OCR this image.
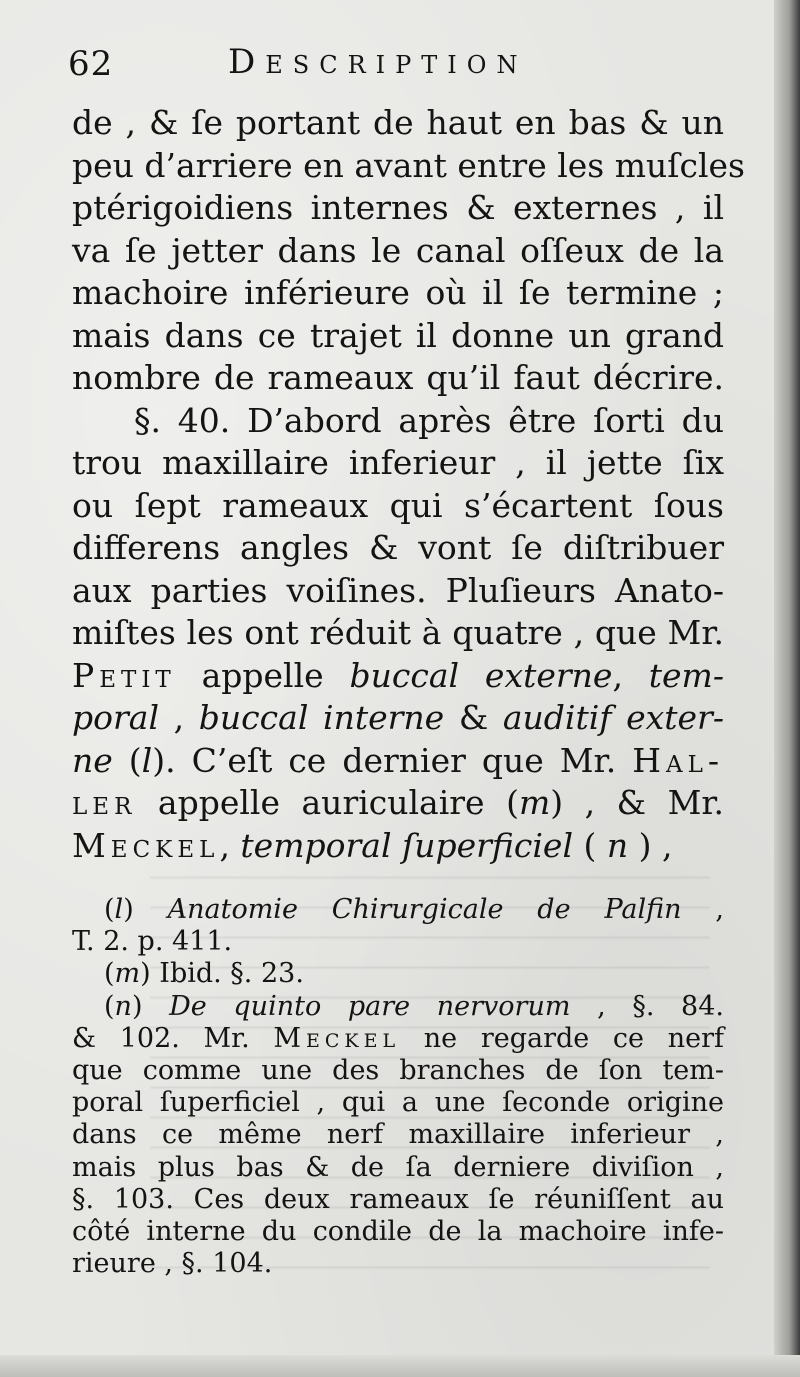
62	Description
de , & ſe portant de haut en bas & un
peu d’arriere en avant entre les muſcles
ptérigoidiens internes & externes , il
va ſe jetter dans le canal oſſeux de la
machoire inférieure où il ſe termine ;
mais dans ce trajet il donne un grand
nombre de rameaux qu’il faut décrire.
§. 40. D’abord après être ſorti du
trou maxillaire inferieur , il jette ſix
ou ſept rameaux qui s’écartent ſous
differens angles & vont ſe diſtribuer
aux parties voiſines. Pluſieurs Anato-
miſtes les ont réduit à quatre , que Mr.
Petit appelle buccal externe, tem-
poral , buccal interne & auditif exter-
ne (l). C’eſt ce dernier que Mr. Hal-
ler appelle auriculaire (m) , & Mr.
Meckel, temporal ſuperficiel ( n ) ,
(l) Anatomie Chirurgicale de Palfin ,
T. 2. p. 411.
(m) Ibid. §. 23.
(n) De quinto pare nervorum , §. 84.
& 102. Mr. Meckel ne regarde ce nerf
que comme une des branches de ſon tem-
poral ſuperficiel , qui a une ſeconde origine
dans ce même nerf maxillaire inferieur ,
mais plus bas & de ſa derniere diviſion ,
§. 103. Ces deux rameaux ſe réuniſſent au
côté interne du condile de la machoire infe-
rieure , §. 104.
